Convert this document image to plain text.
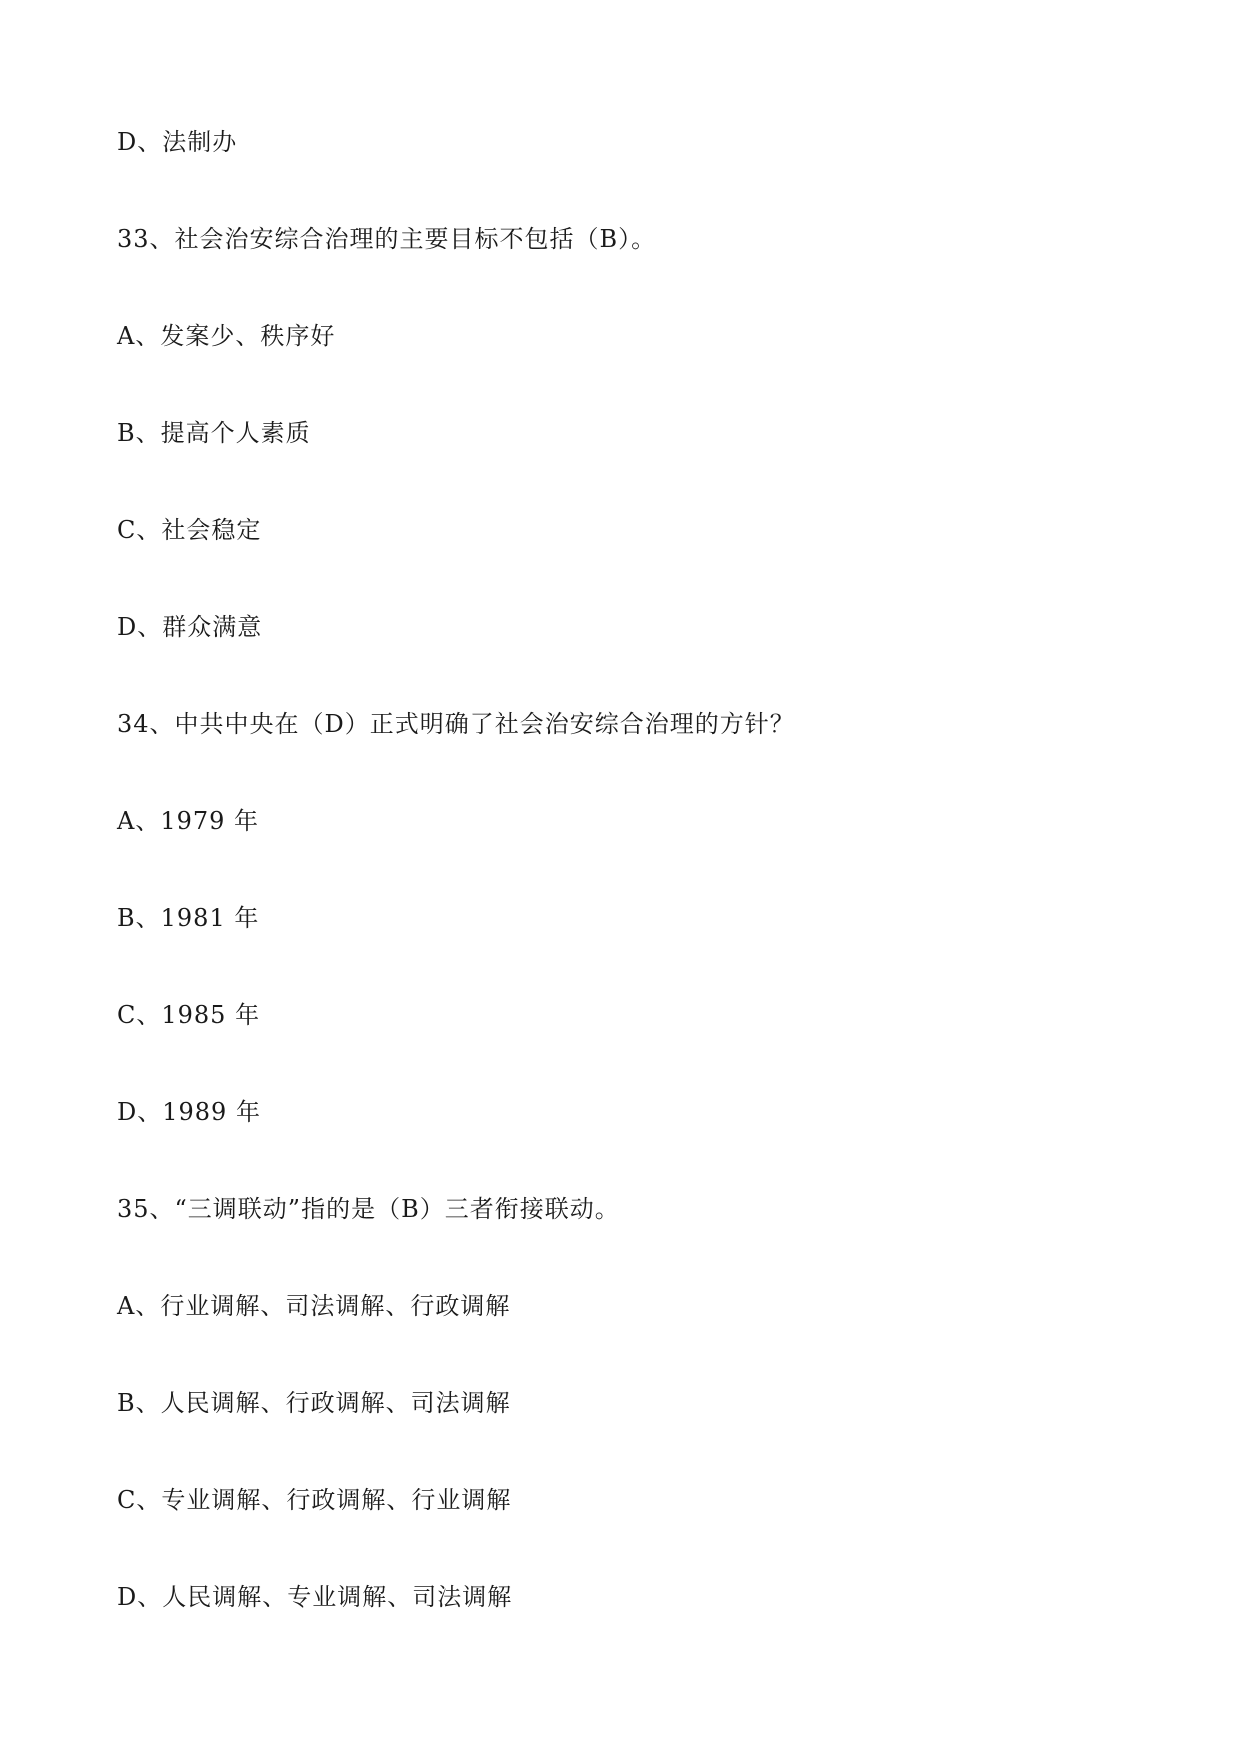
D、法制办
33、社会治安综合治理的主要目标不包括（B）。
A、发案少、秩序好
B、提高个人素质
C、社会稳定
D、群众满意
34、中共中央在（D）正式明确了社会治安综合治理的方针？
A、1979 年
B、1981 年
C、1985 年
D、1989 年
35、“三调联动”指的是（B）三者衔接联动。
A、行业调解、司法调解、行政调解
B、人民调解、行政调解、司法调解
C、专业调解、行政调解、行业调解
D、人民调解、专业调解、司法调解
